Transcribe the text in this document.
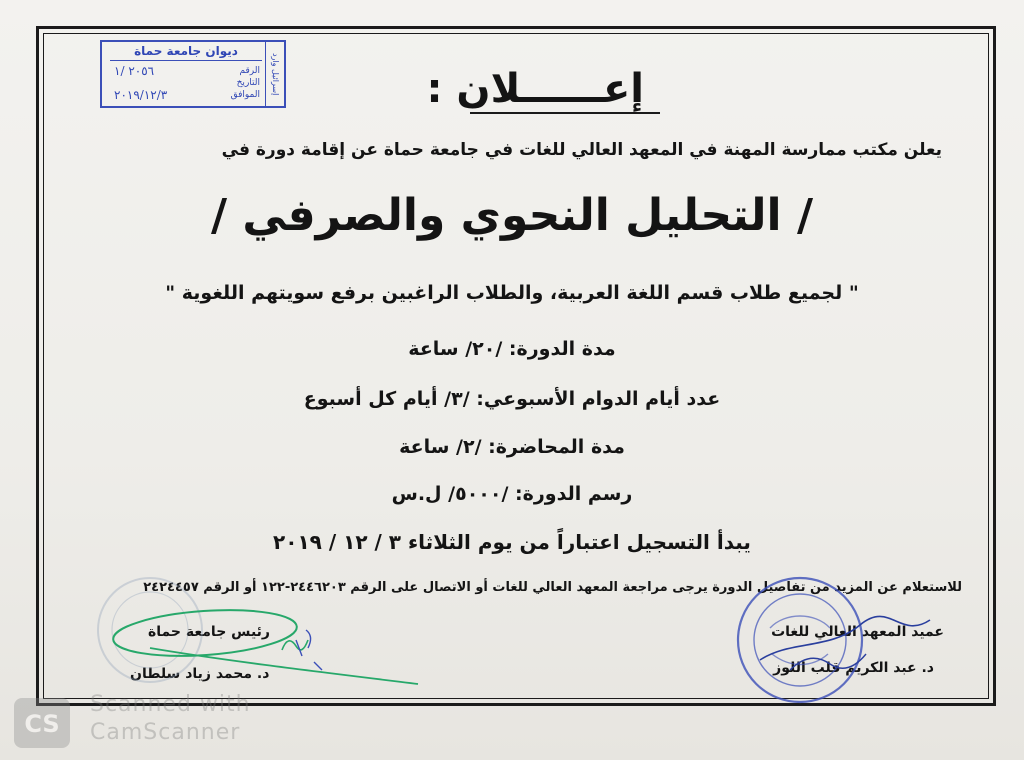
ديوان جامعة حماة
إسرائيل وارد
الرقم
التاريخ
الموافق
٢٠٥٦ /١
٢٠١٩/١٢/٣	إعــــــلان :
يعلن مكتب ممارسة المهنة في المعهد العالي للغات في جامعة حماة عن إقامة دورة في
/ التحليل النحوي والصرفي /
" لجميع طلاب قسم اللغة العربية، والطلاب الراغبين برفع سويتهم اللغوية "
مدة الدورة: /٢٠/ ساعة
عدد أيام الدوام الأسبوعي: /٣/ أيام كل أسبوع
مدة المحاضرة: /٢/ ساعة
رسم الدورة: /٥٠٠٠/ ل.س
يبدأ التسجيل اعتباراً من يوم الثلاثاء ٣ / ١٢ / ٢٠١٩
للاستعلام عن المزيد من تفاصيل الدورة يرجى مراجعة المعهد العالي للغات أو الاتصال على الرقم ٢٤٤٦٢٠٣-١٢٢ أو الرقم ٢٤٢٤٤٥٧
عميد المعهد العالي للغات
د. عبد الكريم قلب اللوز
رئيس جامعة حماة
د. محمد زياد سلطان
CS
Scanned with
CamScanner
